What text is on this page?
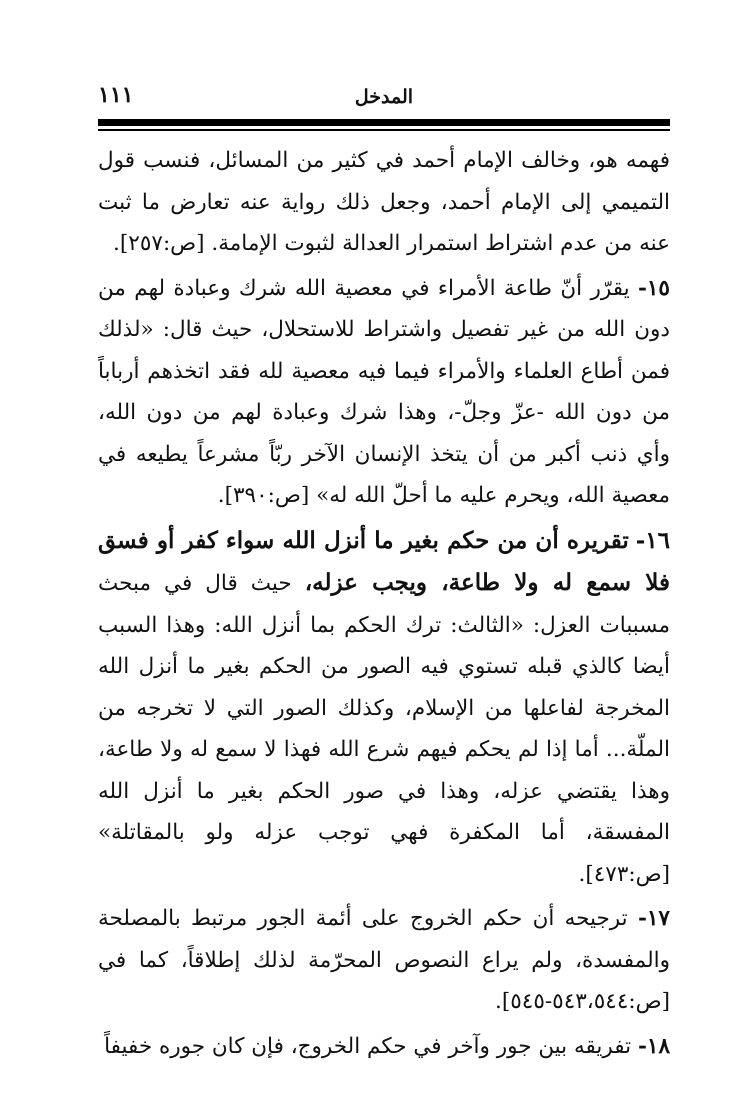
١١١	المدخل

فهمه هو، وخالف الإمام أحمد في كثير من المسائل، فنسب قول التميمي إلى الإمام أحمد، وجعل ذلك رواية عنه تعارض ما ثبت عنه من عدم اشتراط استمرار العدالة لثبوت الإمامة. [ص:٢٥٧].

١٥- يقرّر أنّ طاعة الأمراء في معصية الله شرك وعبادة لهم من دون الله من غير تفصيل واشتراط للاستحلال، حيث قال: «لذلك فمن أطاع العلماء والأمراء فيما فيه معصية لله فقد اتخذهم أرباباً من دون الله -عزّ وجلّ-، وهذا شرك وعبادة لهم من دون الله، وأي ذنب أكبر من أن يتخذ الإنسان الآخر ربّاً مشرعاً يطيعه في معصية الله، ويحرم عليه ما أحلّ الله له» [ص:٣٩٠].

١٦- تقريره أن من حكم بغير ما أنزل الله سواء كفر أو فسق فلا سمع له ولا طاعة، ويجب عزله، حيث قال في مبحث مسببات العزل: «الثالث: ترك الحكم بما أنزل الله: وهذا السبب أيضا كالذي قبله تستوي فيه الصور من الحكم بغير ما أنزل الله المخرجة لفاعلها من الإسلام، وكذلك الصور التي لا تخرجه من الملّة... أما إذا لم يحكم فيهم شرع الله فهذا لا سمع له ولا طاعة، وهذا يقتضي عزله، وهذا في صور الحكم بغير ما أنزل الله المفسقة، أما المكفرة فهي توجب عزله ولو بالمقاتلة» [ص:٤٧٣].

١٧- ترجيحه أن حكم الخروج على أئمة الجور مرتبط بالمصلحة والمفسدة، ولم يراع النصوص المحرّمة لذلك إطلاقاً، كما في [ص:٥٤٣،٥٤٤-٥٤٥].

١٨- تفريقه بين جور وآخر في حكم الخروج، فإن كان جوره خفيفاً
